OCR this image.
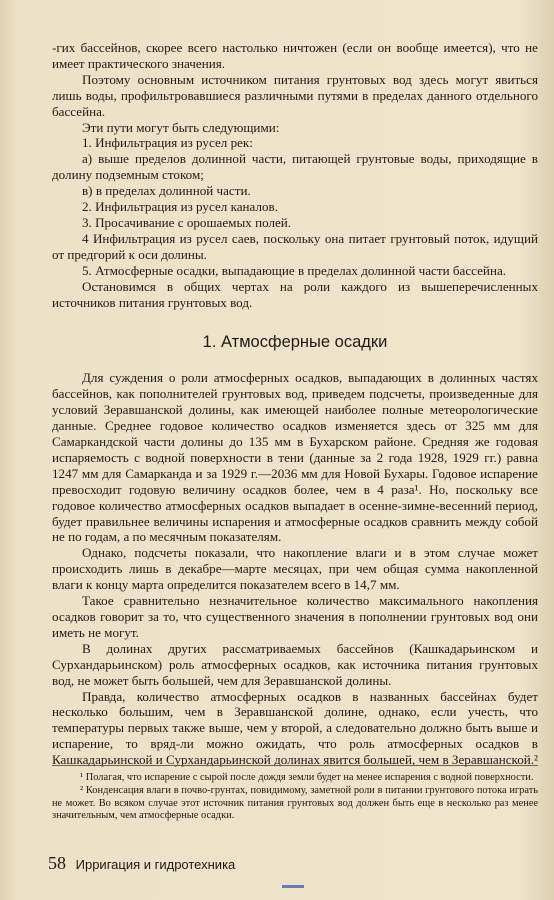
-гих бассейнов, скорее всего настолько ничтожен (если он вообще имеется), что не имеет практического значения.

Поэтому основным источником питания грунтовых вод здесь могут явиться лишь воды, профильтровавшиеся различными путями в пределах данного отдельного бассейна.

Эти пути могут быть следующими:

1. Инфильтрация из русел рек:

а) выше пределов долинной части, питающей грунтовые воды, приходящие в долину подземным стоком;

в) в пределах долинной части.

2. Инфильтрация из русел каналов.

3. Просачивание с орошаемых полей.

4 Инфильтрация из русел саев, поскольку она питает грунтовый поток, идущий от предгорий к оси долины.

5. Атмосферные осадки, выпадающие в пределах долинной части бассейна.

Остановимся в общих чертах на роли каждого из вышеперечисленных источников питания грунтовых вод.

1. Атмосферные осадки

Для суждения о роли атмосферных осадков, выпадающих в долинных частях бассейнов, как пополнителей грунтовых вод, приведем подсчеты, произведенные для условий Зеравшанской долины, как имеющей наиболее полные метеорологические данные. Среднее годовое количество осадков изменяется здесь от 325 мм для Самаркандской части долины до 135 мм в Бухарском районе. Средняя же годовая испаряемость с водной поверхности в тени (данные за 2 года 1928, 1929 гг.) равна 1247 мм для Самарканда и за 1929 г.—2036 мм для Новой Бухары. Годовое испарение превосходит годовую величину осадков более, чем в 4 раза¹. Но, поскольку все годовое количество атмосферных осадков выпадает в осенне-зимне-весенний период, будет правильнее величины испарения и атмосферные осадков сравнить между собой не по годам, а по месячным показателям.

Однако, подсчеты показали, что накопление влаги и в этом случае может происходить лишь в декабре—марте месяцах, при чем общая сумма накопленной влаги к концу марта определится показателем всего в 14,7 мм.

Такое сравнительно незначительное количество максимального накопления осадков говорит за то, что существенного значения в пополнении грунтовых вод они иметь не могут.

В долинах других рассматриваемых бассейнов (Кашкадарьинском и Сурхандарьинском) роль атмосферных осадков, как источника питания грунтовых вод, не может быть большей, чем для Зеравшанской долины.

Правда, количество атмосферных осадков в названных бассейнах будет несколько большим, чем в Зеравшанской долине, однако, если учесть, что температуры первых также выше, чем у второй, а следовательно должно быть выше и испарение, то вряд-ли можно ожидать, что роль атмосферных осадков в Кашкадарьинской и Сурхандарьинской долинах явится большей, чем в Зеравшанской.²

¹ Полагая, что испарение с сырой после дождя земли будет на менее испарения с водной поверхности.

² Конденсация влаги в почво-грунтах, повидимому, заметной роли в питании грунтового потока играть не может. Во всяком случае этот источник питания грунтовых вод должен быть еще в несколько раз менее значительным, чем атмосферные осадки.

58 Ирригация и гидротехника
